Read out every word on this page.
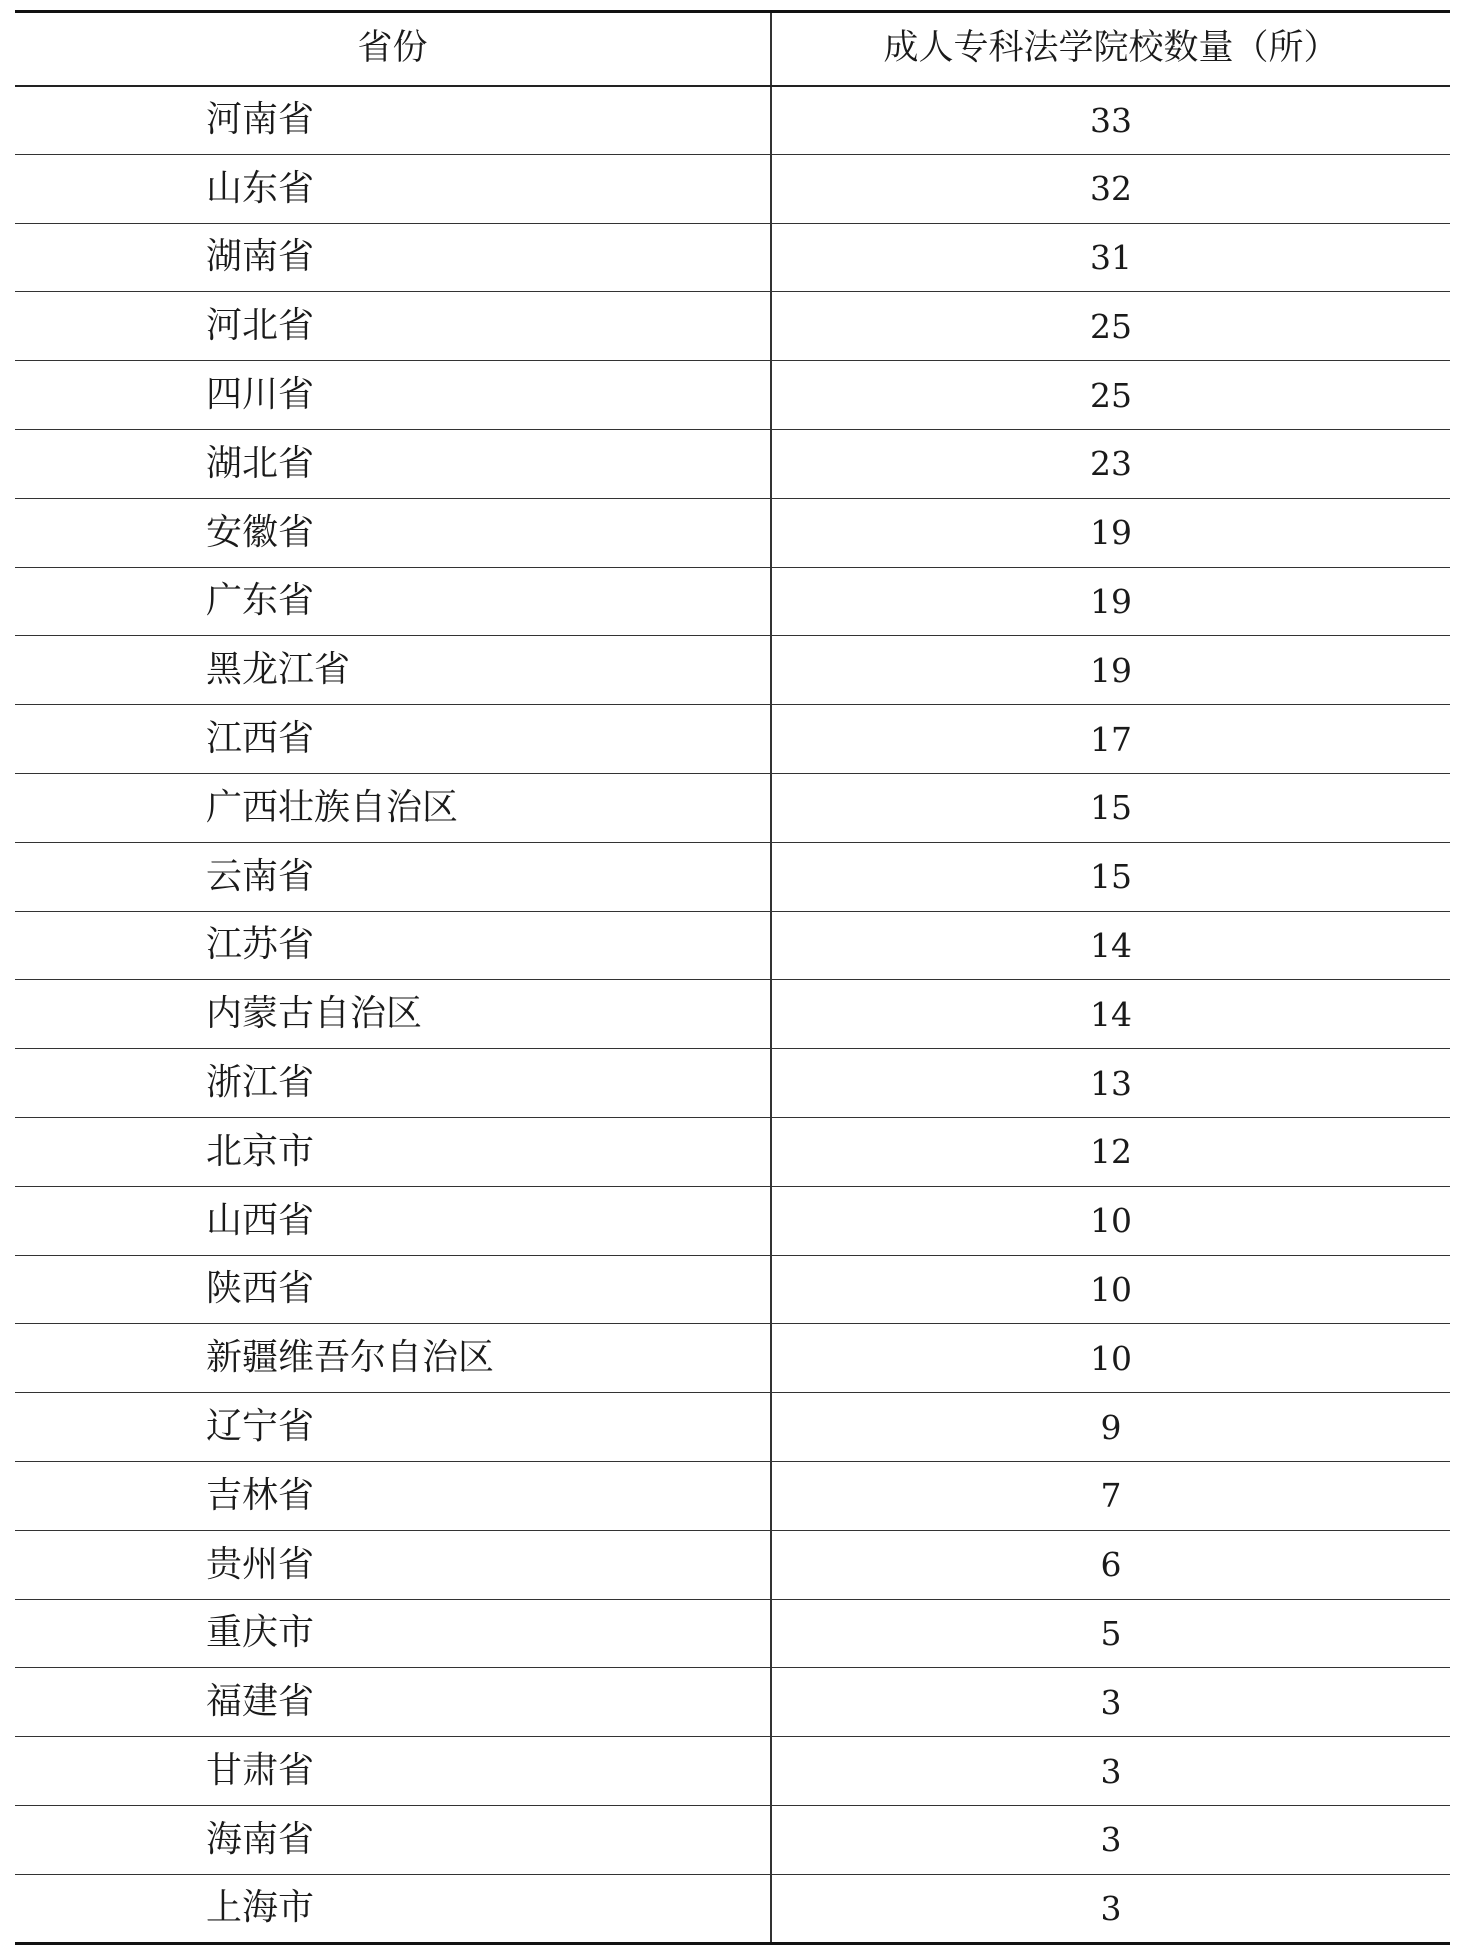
省份	成人专科法学院校数量（所）
河南省	33
山东省	32
湖南省	31
河北省	25
四川省	25
湖北省	23
安徽省	19
广东省	19
黑龙江省	19
江西省	17
广西壮族自治区	15
云南省	15
江苏省	14
内蒙古自治区	14
浙江省	13
北京市	12
山西省	10
陕西省	10
新疆维吾尔自治区	10
辽宁省	9
吉林省	7
贵州省	6
重庆市	5
福建省	3
甘肃省	3
海南省	3
上海市	3
